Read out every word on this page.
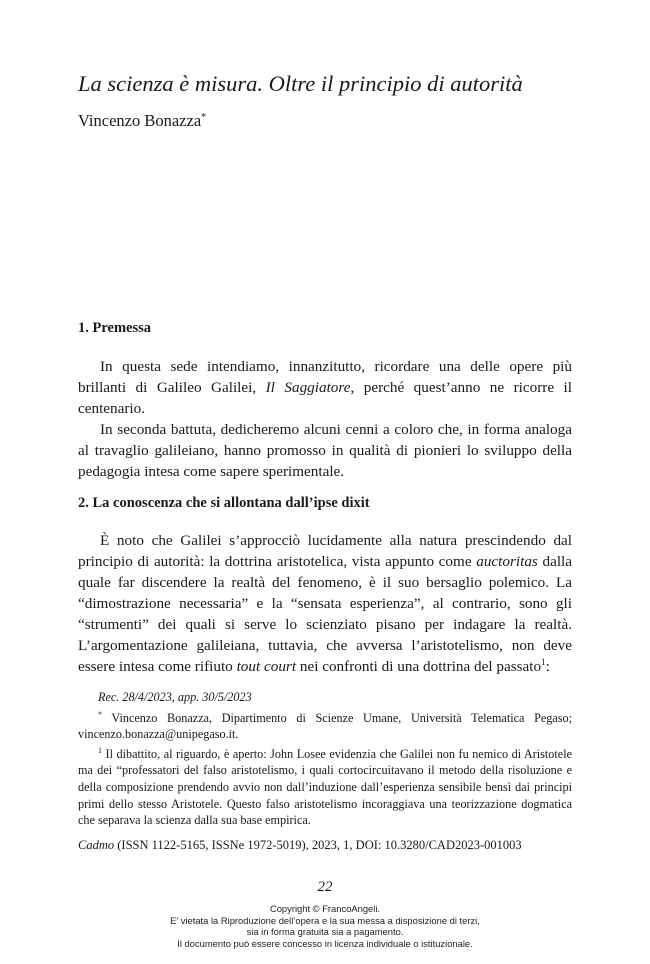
La scienza è misura. Oltre il principio di autorità
Vincenzo Bonazza*
1. Premessa

In questa sede intendiamo, innanzitutto, ricordare una delle opere più brillanti di Galileo Galilei, Il Saggiatore, perché quest’anno ne ricorre il centenario.

In seconda battuta, dedicheremo alcuni cenni a coloro che, in forma analoga al travaglio galileiano, hanno promosso in qualità di pionieri lo sviluppo della pedagogia intesa come sapere sperimentale.

2. La conoscenza che si allontana dall’ipse dixit

È noto che Galilei s’approcciò lucidamente alla natura prescindendo dal principio di autorità: la dottrina aristotelica, vista appunto come auctoritas dalla quale far discendere la realtà del fenomeno, è il suo bersaglio polemico. La “dimostrazione necessaria” e la “sensata esperienza”, al contrario, sono gli “strumenti” dei quali si serve lo scienziato pisano per indagare la realtà. L’argomentazione galileiana, tuttavia, che avversa l’aristotelismo, non deve essere intesa come rifiuto tout court nei confronti di una dottrina del passato$^1$:

Rec. 28/4/2023, app. 30/5/2023

* Vincenzo Bonazza, Dipartimento di Scienze Umane, Università Telematica Pegaso; vincenzo.bonazza@unipegaso.it.

$^1$ Il dibattito, al riguardo, è aperto: John Losee evidenzia che Galilei non fu nemico di Aristotele ma dei “professatori del falso aristotelismo, i quali cortocircuitavano il metodo della risoluzione e della composizione prendendo avvio non dall’induzione dall’esperienza sensibile bensì dai principi primi dello stesso Aristotele. Questo falso aristotelismo incoraggiava una teorizzazione dogmatica che separava la scienza dalla sua base empirica.

Cadmo (ISSN 1122-5165, ISSNe 1972-5019), 2023, 1, DOI: 10.3280/CAD2023-001003

22
Copyright © FrancoAngeli.
E’ vietata la Riproduzione dell’opera e la sua messa a disposizione di terzi,
sia in forma gratuita sia a pagamento.
Il documento può essere concesso in licenza individuale o istituzionale.
